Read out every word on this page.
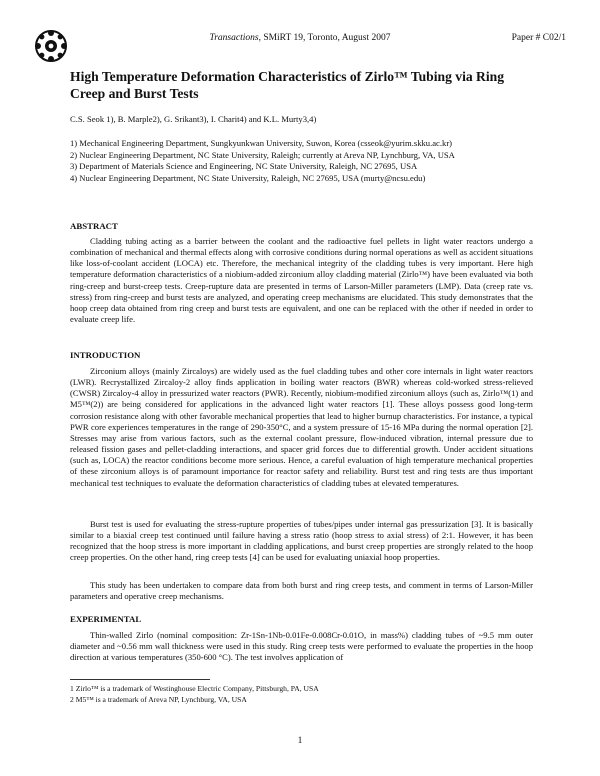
Transactions, SMiRT 19, Toronto, August 2007	Paper # C02/1
High Temperature Deformation Characteristics of Zirlo™ Tubing via Ring Creep and Burst Tests
C.S. Seok 1), B. Marple2), G. Srikant3), I. Charit4) and K.L. Murty3,4)
1) Mechanical Engineering Department, Sungkyunkwan University, Suwon, Korea (csseok@yurim.skku.ac.kr)
2) Nuclear Engineering Department, NC State University, Raleigh; currently at Areva NP, Lynchburg, VA, USA
3) Department of Materials Science and Engineering, NC State University, Raleigh, NC 27695, USA
4) Nuclear Engineering Department, NC State University, Raleigh, NC 27695, USA (murty@ncsu.edu)
ABSTRACT
Cladding tubing acting as a barrier between the coolant and the radioactive fuel pellets in light water reactors undergo a combination of mechanical and thermal effects along with corrosive conditions during normal operations as well as accident situations like loss-of-coolant accident (LOCA) etc. Therefore, the mechanical integrity of the cladding tubes is very important. Here high temperature deformation characteristics of a niobium-added zirconium alloy cladding material (Zirlo™) have been evaluated via both ring-creep and burst-creep tests. Creep-rupture data are presented in terms of Larson-Miller parameters (LMP). Data (creep rate vs. stress) from ring-creep and burst tests are analyzed, and operating creep mechanisms are elucidated. This study demonstrates that the hoop creep data obtained from ring creep and burst tests are equivalent, and one can be replaced with the other if needed in order to evaluate creep life.
INTRODUCTION
Zirconium alloys (mainly Zircaloys) are widely used as the fuel cladding tubes and other core internals in light water reactors (LWR). Recrystallized Zircaloy-2 alloy finds application in boiling water reactors (BWR) whereas cold-worked stress-relieved (CWSR) Zircaloy-4 alloy in pressurized water reactors (PWR). Recently, niobium-modified zirconium alloys (such as, Zirlo™(1) and M5™(2)) are being considered for applications in the advanced light water reactors [1]. These alloys possess good long-term corrosion resistance along with other favorable mechanical properties that lead to higher burnup characteristics. For instance, a typical PWR core experiences temperatures in the range of 290-350°C, and a system pressure of 15-16 MPa during the normal operation [2]. Stresses may arise from various factors, such as the external coolant pressure, flow-induced vibration, internal pressure due to released fission gases and pellet-cladding interactions, and spacer grid forces due to differential growth. Under accident situations (such as, LOCA) the reactor conditions become more serious. Hence, a careful evaluation of high temperature mechanical properties of these zirconium alloys is of paramount importance for reactor safety and reliability. Burst test and ring tests are thus important mechanical test techniques to evaluate the deformation characteristics of cladding tubes at elevated temperatures.
Burst test is used for evaluating the stress-rupture properties of tubes/pipes under internal gas pressurization [3]. It is basically similar to a biaxial creep test continued until failure having a stress ratio (hoop stress to axial stress) of 2:1. However, it has been recognized that the hoop stress is more important in cladding applications, and burst creep properties are strongly related to the hoop creep properties. On the other hand, ring creep tests [4] can be used for evaluating uniaxial hoop properties.
This study has been undertaken to compare data from both burst and ring creep tests, and comment in terms of Larson-Miller parameters and operative creep mechanisms.
EXPERIMENTAL
Thin-walled Zirlo (nominal composition: Zr-1Sn-1Nb-0.01Fe-0.008Cr-0.01O, in mass%) cladding tubes of ~9.5 mm outer diameter and ~0.56 mm wall thickness were used in this study. Ring creep tests were performed to evaluate the properties in the hoop direction at various temperatures (350-600 °C). The test involves application of
1 Zirlo™ is a trademark of Westinghouse Electric Company, Pittsburgh, PA, USA
2 M5™ is a trademark of Areva NP, Lynchburg, VA, USA
1
